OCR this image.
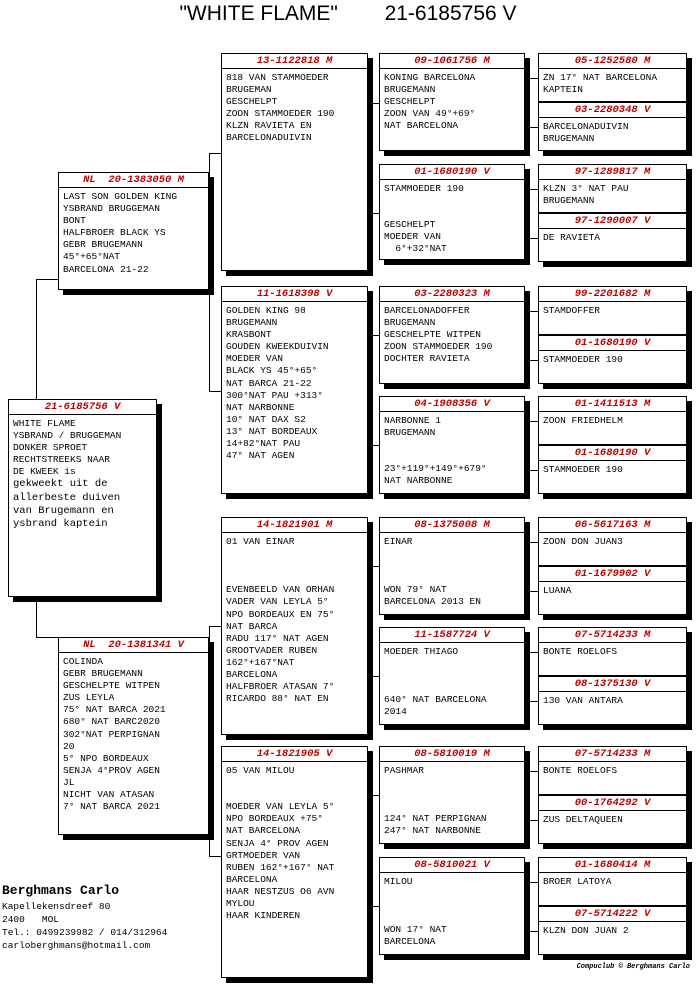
"WHITE FLAME" 21-6185756 V
21-6185756 V
WHITE FLAME
YSBRAND / BRUGGEMAN
DONKER SPROET
RECHTSTREEKS NAAR
DE KWEEK is
gekweekt uit de
allerbeste duiven
van Brugemann en
ysbrand kaptein
NL  20-1383050 M
LAST SON GOLDEN KING
YSBRAND BRUGGEMAN
BONT
HALFBROER BLACK YS
GEBR BRUGEMANN
45°+65°NAT
BARCELONA 21-22
NL  20-1381341 V
COLINDA
GEBR BRUGEMANN
GESCHELPTE WITPEN
ZUS LEYLA
75° NAT BARCA 2021
680° NAT BARC2020
302°NAT PERPIGNAN
20
5° NPO BORDEAUX
SENJA 4°PROV AGEN
JL
NICHT VAN ATASAN
7° NAT BARCA 2021
13-1122818 M
818 VAN STAMMOEDER
BRUGEMAN
GESCHELPT
ZOON STAMMOEDER 190
KLZN RAVIETA EN
BARCELONADUIVIN
11-1618398 V
GOLDEN KING 98
BRUGEMANN
KRASBONT
GOUDEN KWEEKDUIVIN
MOEDER VAN
BLACK YS 45°+65°
NAT BARCA 21-22
300°NAT PAU +313°
NAT NARBONNE
10° NAT DAX S2
13° NAT BORDEAUX
14+82°NAT PAU
47° NAT AGEN
14-1821901 M
01 VAN EINAR
EVENBEELD VAN ORHAN
VADER VAN LEYLA 5°
NPO BORDEAUX EN 75°
NAT BARCA
RADU 117° NAT AGEN
GROOTVADER RUBEN
162°+167°NAT
BARCELONA
HALFBROER ATASAN 7°
RICARDO 88° NAT EN
14-1821905 V
05 VAN MILOU
MOEDER VAN LEYLA 5°
NPO BORDEAUX +75°
NAT BARCELONA
SENJA 4° PROV AGEN
GRTMOEDER VAN
RUBEN 162°+167° NAT
BARCELONA
HAAR NESTZUS O6 AVN
MYLOU
HAAR KINDEREN
09-1061756 M
KONING BARCELONA
BRUGEMANN
GESCHELPT
ZOON VAN 49°+69°
NAT BARCELONA
01-1680190 V
STAMMOEDER 190
GESCHELPT
MOEDER VAN
6°+32°NAT
03-2280323 M
BARCELONADOFFER
BRUGEMANN
GESCHELPTE WITPEN
ZOON STAMMOEDER 190
DOCHTER RAVIETA
04-1908356 V
NARBONNE 1
BRUGEMANN
23°+119°+149°+679°
NAT NARBONNE
08-1375008 M
EINAR
WON 79° NAT
BARCELONA 2013 EN
11-1587724 V
MOEDER THIAGO
640° NAT BARCELONA
2014
08-5810019 M
PASHMAR
124° NAT PERPIGNAN
247° NAT NARBONNE
08-5810021 V
MILOU
WON 17° NAT
BARCELONA
05-1252580 M
ZN 17° NAT BARCELONA
KAPTEIN
03-2280348 V
BARCELONADUIVIN
BRUGEMANN
97-1289817 M
KLZN 3° NAT PAU
BRUGEMANN
97-1290007 V
DE RAVIETA
99-2201682 M
STAMDOFFER
01-1680190 V
STAMMOEDER 190
01-1411513 M
ZOON FRIEDHELM
01-1680190 V
STAMMOEDER 190
06-5617163 M
ZOON DON JUAN3
01-1679902 V
LUANA
07-5714233 M
BONTE ROELOFS
08-1375130 V
130 VAN ANTARA
07-5714233 M
BONTE ROELOFS
00-1764292 V
ZUS DELTAQUEEN
01-1680414 M
BROER LATOYA
07-5714222 V
KLZN DON JUAN 2
Berghmans Carlo
Kapellekensdreef 80
2400   MOL
Tel.: 0499239982 / 014/312964
carloberghmans@hotmail.com
Compuclub © Berghmans Carlo
